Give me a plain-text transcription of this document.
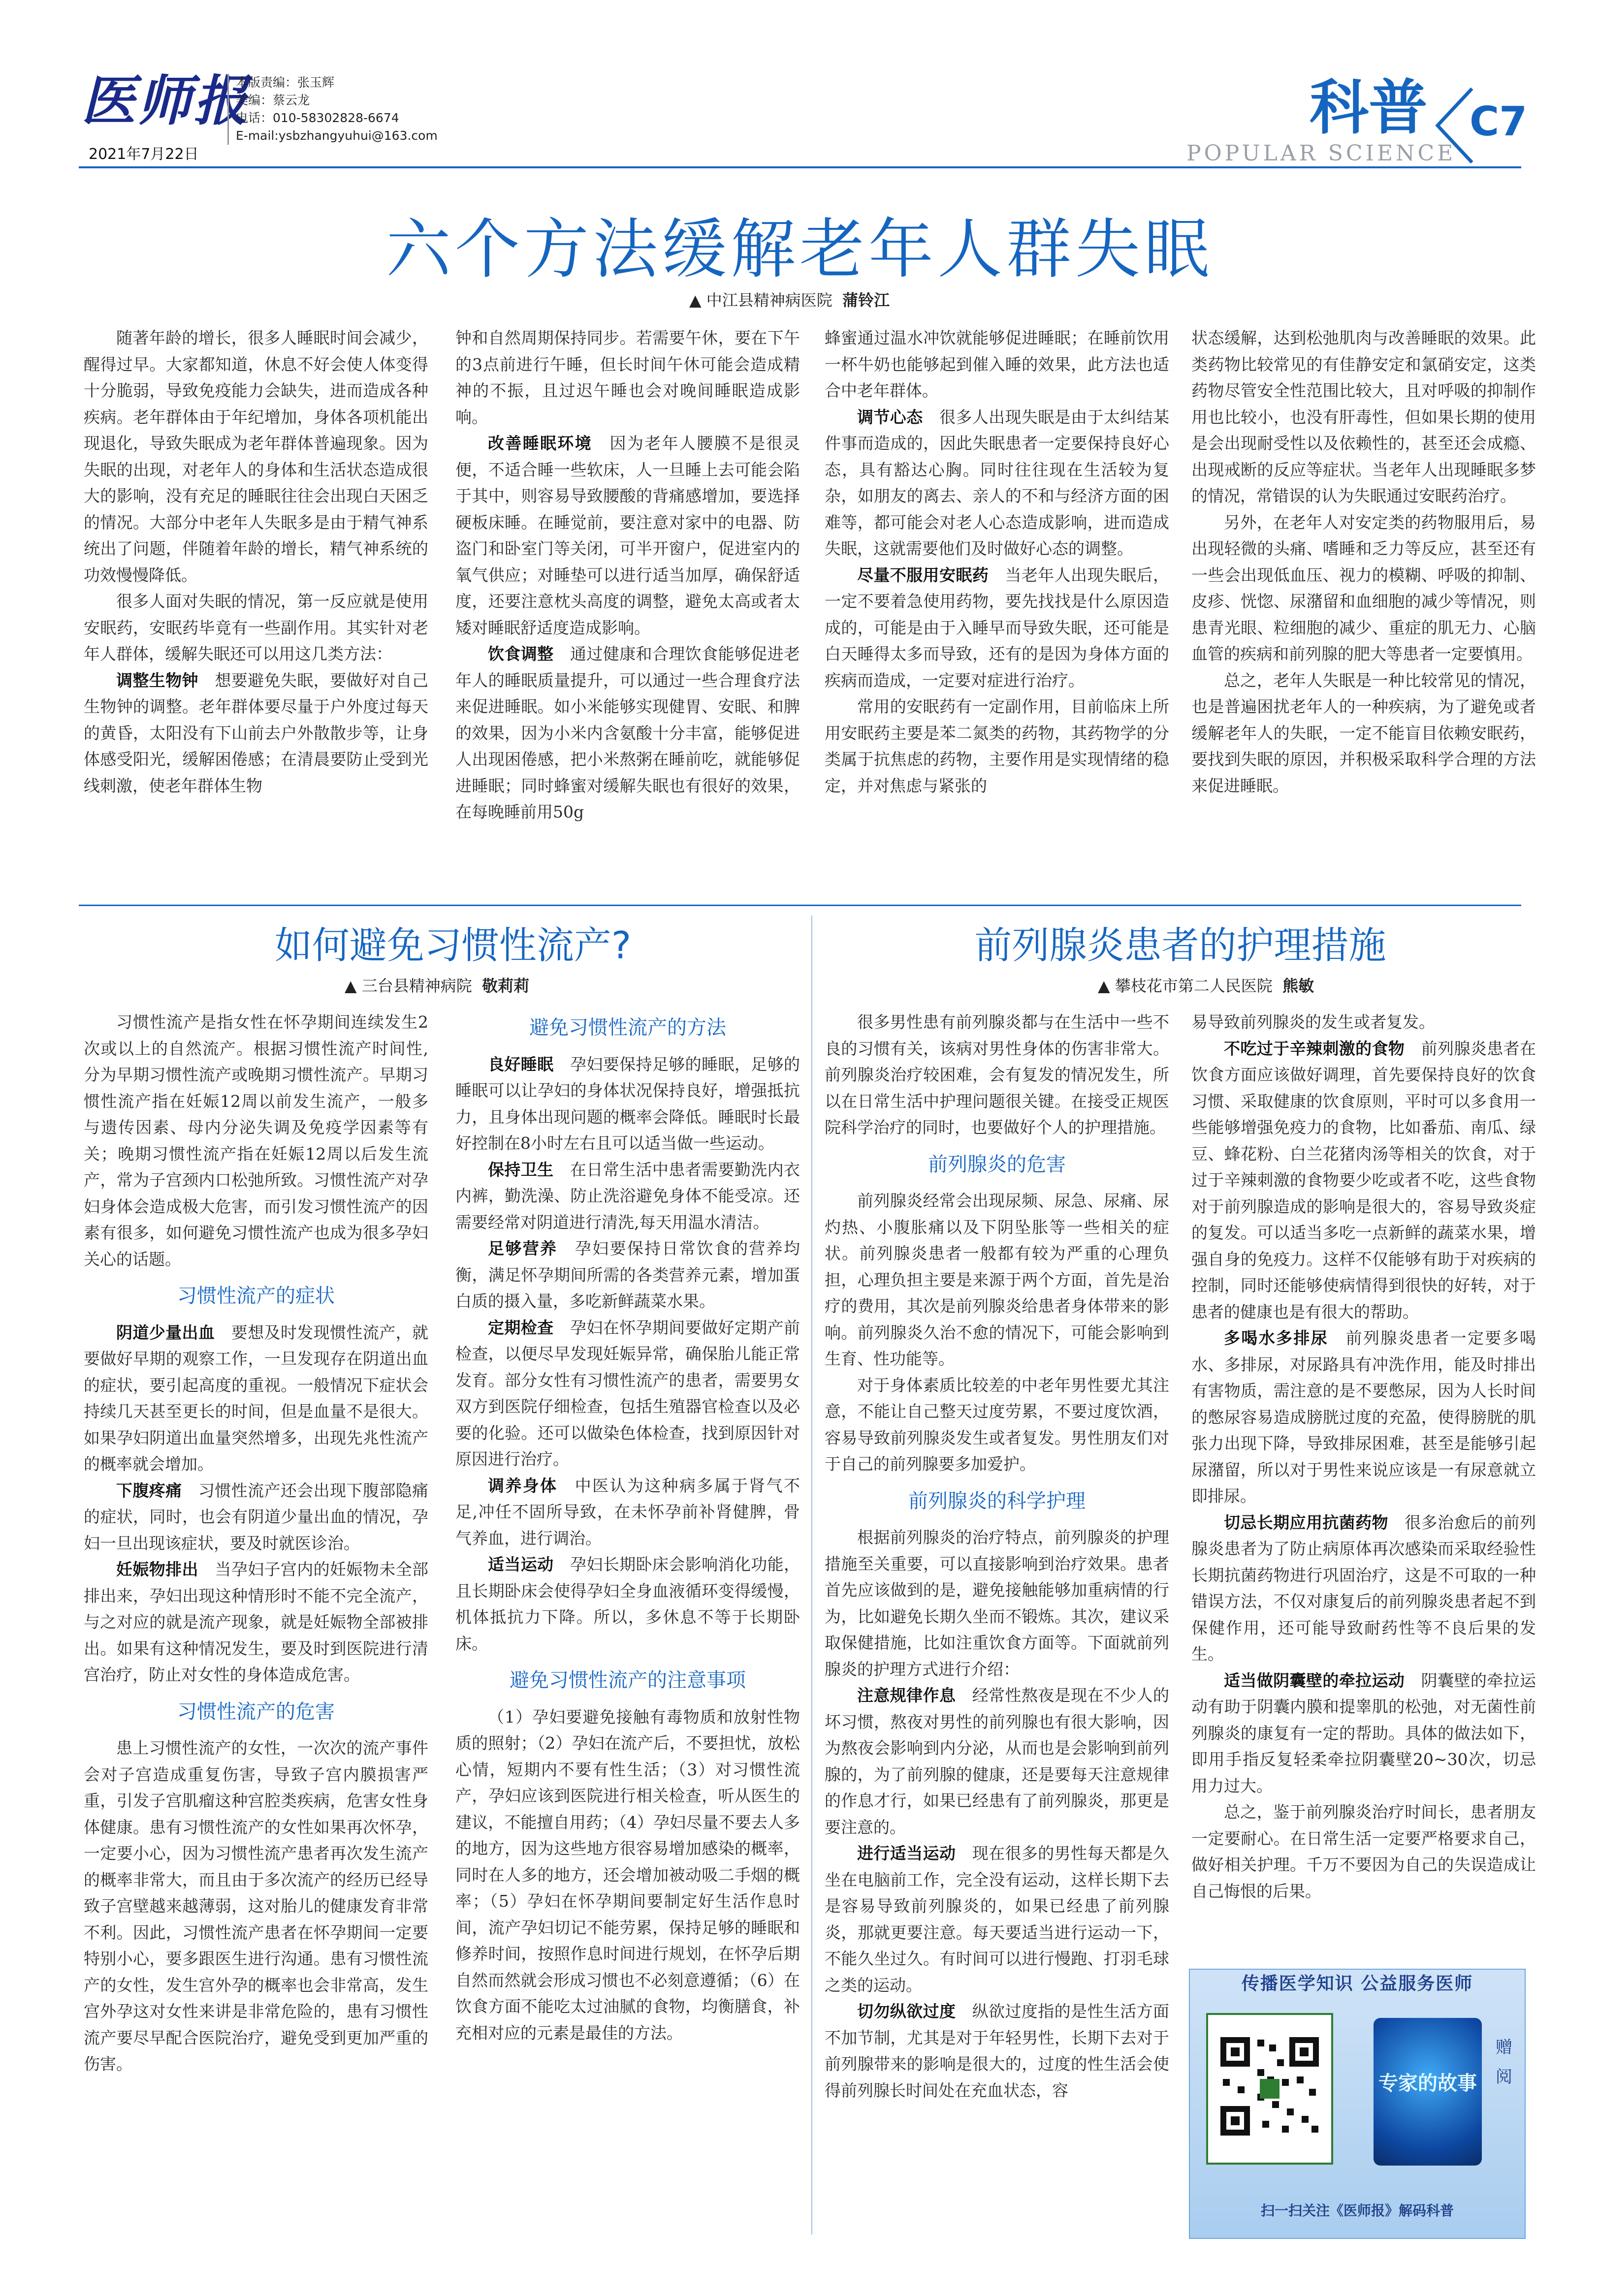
医师报
2021年7月22日
本版责编：张玉辉
美编：蔡云龙
电话：010-58302828-6674
E-mail:ysbzhangyuhui@163.com	科普 C7
POPULAR SCIENCE
六个方法缓解老年人群失眠
▲ 中江县精神病医院 蒲铃江

随著年龄的增长，很多人睡眠时间会减少，醒得过早。大家都知道，休息不好会使人体变得十分脆弱，导致免疫能力会缺失，进而造成各种疾病。老年群体由于年纪增加，身体各项机能出现退化，导致失眠成为老年群体普遍现象。因为失眠的出现，对老年人的身体和生活状态造成很大的影响，没有充足的睡眠往往会出现白天困乏的情况。大部分中老年人失眠多是由于精气神系统出了问题，伴随着年龄的增长，精气神系统的功效慢慢降低。

很多人面对失眠的情况，第一反应就是使用安眠药，安眠药毕竟有一些副作用。其实针对老年人群体，缓解失眠还可以用这几类方法：

调整生物钟　想要避免失眠，要做好对自己生物钟的调整。老年群体要尽量于户外度过每天的黄昏，太阳没有下山前去户外散散步等，让身体感受阳光，缓解困倦感；在清晨要防止受到光线刺激，使老年群体生物

钟和自然周期保持同步。若需要午休，要在下午的3点前进行午睡，但长时间午休可能会造成精神的不振，且过迟午睡也会对晚间睡眠造成影响。

改善睡眠环境　因为老年人腰膜不是很灵便，不适合睡一些软床，人一旦睡上去可能会陷于其中，则容易导致腰酸的背痛感增加，要选择硬板床睡。在睡觉前，要注意对家中的电器、防盗门和卧室门等关闭，可半开窗户，促进室内的氧气供应；对睡垫可以进行适当加厚，确保舒适度，还要注意枕头高度的调整，避免太高或者太矮对睡眠舒适度造成影响。

饮食调整　通过健康和合理饮食能够促进老年人的睡眠质量提升，可以通过一些合理食疗法来促进睡眠。如小米能够实现健胃、安眠、和脾的效果，因为小米内含氨酸十分丰富，能够促进人出现困倦感，把小米熬粥在睡前吃，就能够促进睡眠；同时蜂蜜对缓解失眠也有很好的效果，在每晚睡前用50g

蜂蜜通过温水冲饮就能够促进睡眠；在睡前饮用一杯牛奶也能够起到催入睡的效果，此方法也适合中老年群体。

调节心态　很多人出现失眠是由于太纠结某件事而造成的，因此失眠患者一定要保持良好心态，具有豁达心胸。同时往往现在生活较为复杂，如朋友的离去、亲人的不和与经济方面的困难等，都可能会对老人心态造成影响，进而造成失眠，这就需要他们及时做好心态的调整。

尽量不服用安眠药　当老年人出现失眠后，一定不要着急使用药物，要先找找是什么原因造成的，可能是由于入睡早而导致失眠，还可能是白天睡得太多而导致，还有的是因为身体方面的疾病而造成，一定要对症进行治疗。

常用的安眠药有一定副作用，目前临床上所用安眠药主要是苯二氮类的药物，其药物学的分类属于抗焦虑的药物，主要作用是实现情绪的稳定，并对焦虑与紧张的

状态缓解，达到松弛肌肉与改善睡眠的效果。此类药物比较常见的有佳静安定和氯硝安定，这类药物尽管安全性范围比较大，且对呼吸的抑制作用也比较小，也没有肝毒性，但如果长期的使用是会出现耐受性以及依赖性的，甚至还会成瘾、出现戒断的反应等症状。当老年人出现睡眠多梦的情况，常错误的认为失眠通过安眠药治疗。

另外，在老年人对安定类的药物服用后，易出现轻微的头痛、嗜睡和乏力等反应，甚至还有一些会出现低血压、视力的模糊、呼吸的抑制、皮疹、恍惚、尿潴留和血细胞的减少等情况，则患青光眼、粒细胞的减少、重症的肌无力、心脑血管的疾病和前列腺的肥大等患者一定要慎用。

总之，老年人失眠是一种比较常见的情况，也是普遍困扰老年人的一种疾病，为了避免或者缓解老年人的失眠，一定不能盲目依赖安眠药，要找到失眠的原因，并积极采取科学合理的方法来促进睡眠。

如何避免习惯性流产?
▲ 三台县精神病院 敬莉莉

习惯性流产是指女性在怀孕期间连续发生2次或以上的自然流产。根据习惯性流产时间性,分为早期习惯性流产或晚期习惯性流产。早期习惯性流产指在妊娠12周以前发生流产，一般多与遗传因素、母内分泌失调及免疫学因素等有关；晚期习惯性流产指在妊娠12周以后发生流产，常为子宫颈内口松弛所致。习惯性流产对孕妇身体会造成极大危害，而引发习惯性流产的因素有很多，如何避免习惯性流产也成为很多孕妇关心的话题。

习惯性流产的症状

阴道少量出血　要想及时发现惯性流产，就要做好早期的观察工作，一旦发现存在阴道出血的症状，要引起高度的重视。一般情况下症状会持续几天甚至更长的时间，但是血量不是很大。如果孕妇阴道出血量突然增多，出现先兆性流产的概率就会增加。

下腹疼痛　习惯性流产还会出现下腹部隐痛的症状，同时，也会有阴道少量出血的情况，孕妇一旦出现该症状，要及时就医诊治。

妊娠物排出　当孕妇子宫内的妊娠物未全部排出来，孕妇出现这种情形时不能不完全流产，与之对应的就是流产现象，就是妊娠物全部被排出。如果有这种情况发生，要及时到医院进行清宫治疗，防止对女性的身体造成危害。

习惯性流产的危害

患上习惯性流产的女性，一次次的流产事件会对子宫造成重复伤害，导致子宫内膜损害严重，引发子宫肌瘤这种宫腔类疾病，危害女性身体健康。患有习惯性流产的女性如果再次怀孕，一定要小心，因为习惯性流产患者再次发生流产的概率非常大，而且由于多次流产的经历已经导致子宫壁越来越薄弱，这对胎儿的健康发育非常不利。因此，习惯性流产患者在怀孕期间一定要特别小心，要多跟医生进行沟通。患有习惯性流产的女性，发生宫外孕的概率也会非常高，发生宫外孕这对女性来讲是非常危险的，患有习惯性流产要尽早配合医院治疗，避免受到更加严重的伤害。

避免习惯性流产的方法

良好睡眠　孕妇要保持足够的睡眠，足够的睡眠可以让孕妇的身体状况保持良好，增强抵抗力，且身体出现问题的概率会降低。睡眠时长最好控制在8小时左右且可以适当做一些运动。

保持卫生　在日常生活中患者需要勤洗内衣内裤，勤洗澡、防止洗浴避免身体不能受凉。还需要经常对阴道进行清洗,每天用温水清洁。

足够营养　孕妇要保持日常饮食的营养均衡，满足怀孕期间所需的各类营养元素，增加蛋白质的摄入量，多吃新鲜蔬菜水果。

定期检查　孕妇在怀孕期间要做好定期产前检查，以便尽早发现妊娠异常，确保胎儿能正常发育。部分女性有习惯性流产的患者，需要男女双方到医院仔细检查，包括生殖器官检查以及必要的化验。还可以做染色体检查，找到原因针对原因进行治疗。

调养身体　中医认为这种病多属于肾气不足,冲任不固所导致，在未怀孕前补肾健脾，骨气养血，进行调治。

适当运动　孕妇长期卧床会影响消化功能，且长期卧床会使得孕妇全身血液循环变得缓慢，机体抵抗力下降。所以，多休息不等于长期卧床。

避免习惯性流产的注意事项

（1）孕妇要避免接触有毒物质和放射性物质的照射；（2）孕妇在流产后，不要担忧，放松心情，短期内不要有性生活；（3）对习惯性流产，孕妇应该到医院进行相关检查，听从医生的建议，不能擅自用药；（4）孕妇尽量不要去人多的地方，因为这些地方很容易增加感染的概率，同时在人多的地方，还会增加被动吸二手烟的概率；（5）孕妇在怀孕期间要制定好生活作息时间，流产孕妇切记不能劳累，保持足够的睡眠和修养时间，按照作息时间进行规划，在怀孕后期自然而然就会形成习惯也不必刻意遵循；（6）在饮食方面不能吃太过油腻的食物，均衡膳食，补充相对应的元素是最佳的方法。

前列腺炎患者的护理措施
▲ 攀枝花市第二人民医院 熊敏

很多男性患有前列腺炎都与在生活中一些不良的习惯有关，该病对男性身体的伤害非常大。前列腺炎治疗较困难，会有复发的情况发生，所以在日常生活中护理问题很关键。在接受正规医院科学治疗的同时，也要做好个人的护理措施。

前列腺炎的危害

前列腺炎经常会出现尿频、尿急、尿痛、尿灼热、小腹胀痛以及下阴坠胀等一些相关的症状。前列腺炎患者一般都有较为严重的心理负担，心理负担主要是来源于两个方面，首先是治疗的费用，其次是前列腺炎给患者身体带来的影响。前列腺炎久治不愈的情况下，可能会影响到生育、性功能等。

对于身体素质比较差的中老年男性要尤其注意，不能让自己整天过度劳累，不要过度饮酒，容易导致前列腺炎发生或者复发。男性朋友们对于自己的前列腺要多加爱护。

前列腺炎的科学护理

根据前列腺炎的治疗特点，前列腺炎的护理措施至关重要，可以直接影响到治疗效果。患者首先应该做到的是，避免接触能够加重病情的行为，比如避免长期久坐而不锻炼。其次，建议采取保健措施，比如注重饮食方面等。下面就前列腺炎的护理方式进行介绍：

注意规律作息　经常性熬夜是现在不少人的坏习惯，熬夜对男性的前列腺也有很大影响，因为熬夜会影响到内分泌，从而也是会影响到前列腺的，为了前列腺的健康，还是要每天注意规律的作息才行，如果已经患有了前列腺炎，那更是要注意的。

进行适当运动　现在很多的男性每天都是久坐在电脑前工作，完全没有运动，这样长期下去是容易导致前列腺炎的，如果已经患了前列腺炎，那就更要注意。每天要适当进行运动一下，不能久坐过久。有时间可以进行慢跑、打羽毛球之类的运动。

切勿纵欲过度　纵欲过度指的是性生活方面不加节制，尤其是对于年轻男性，长期下去对于前列腺带来的影响是很大的，过度的性生活会使得前列腺长时间处在充血状态，容

易导致前列腺炎的发生或者复发。

不吃过于辛辣刺激的食物　前列腺炎患者在饮食方面应该做好调理，首先要保持良好的饮食习惯、采取健康的饮食原则，平时可以多食用一些能够增强免疫力的食物，比如番茄、南瓜、绿豆、蜂花粉、白兰花猪肉汤等相关的饮食，对于过于辛辣刺激的食物要少吃或者不吃，这些食物对于前列腺造成的影响是很大的，容易导致炎症的复发。可以适当多吃一点新鲜的蔬菜水果，增强自身的免疫力。这样不仅能够有助于对疾病的控制，同时还能够使病情得到很快的好转，对于患者的健康也是有很大的帮助。

多喝水多排尿　前列腺炎患者一定要多喝水、多排尿，对尿路具有冲洗作用，能及时排出有害物质，需注意的是不要憋尿，因为人长时间的憋尿容易造成膀胱过度的充盈，使得膀胱的肌张力出现下降，导致排尿困难，甚至是能够引起尿潴留，所以对于男性来说应该是一有尿意就立即排尿。

切忌长期应用抗菌药物　很多治愈后的前列腺炎患者为了防止病原体再次感染而采取经验性长期抗菌药物进行巩固治疗，这是不可取的一种错误方法，不仅对康复后的前列腺炎患者起不到保健作用，还可能导致耐药性等不良后果的发生。

适当做阴囊壁的牵拉运动　阴囊壁的牵拉运动有助于阴囊内膜和提睾肌的松弛，对无菌性前列腺炎的康复有一定的帮助。具体的做法如下，即用手指反复轻柔牵拉阴囊壁20~30次，切忌用力过大。

总之，鉴于前列腺炎治疗时间长，患者朋友一定要耐心。在日常生活一定要严格要求自己，做好相关护理。千万不要因为自己的失误造成让自己悔恨的后果。

传播医学知识 公益服务医师
专家的故事
赠阅
扫一扫关注《医师报》解码科普
